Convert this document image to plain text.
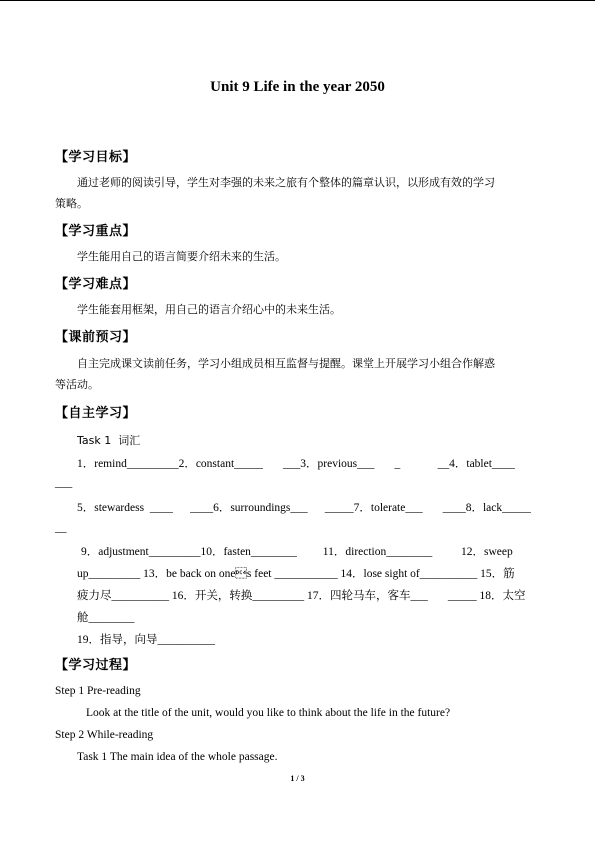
Unit 9 Life in the year 2050
【学习目标】
通过老师的阅读引导，学生对李强的未来之旅有个整体的篇章认识，以形成有效的学习
策略。
【学习重点】
学生能用自己的语言简要介绍未来的生活。
【学习难点】
学生能套用框架，用自己的语言介绍心中的未来生活。
【课前预习】
自主完成课文读前任务，学习小组成员相互监督与提醒。课堂上开展学习小组合作解惑
等活动。
【自主学习】
Task 1  词汇
1．remind_________2．constant_____       ___3．previous___       _             __4．tablet____
___
5．stewardess  ____      ____6．surroundings___      _____7．tolerate___       ____8．lack_____
__
9．adjustment_________10．fasten________         11．direction________          12．sweep
up_________ 13．be back on ones feet ___________ 14．lose sight of__________ 15．筋
疲力尽__________ 16．开关，转换_________ 17．四轮马车，客车___       _____ 18．太空
舱________
19．指导，向导__________
【学习过程】
Step 1 Pre-reading
Look at the title of the unit, would you like to think about the life in the future?
Step 2 While-reading
Task 1 The main idea of the whole passage.
1 / 3
